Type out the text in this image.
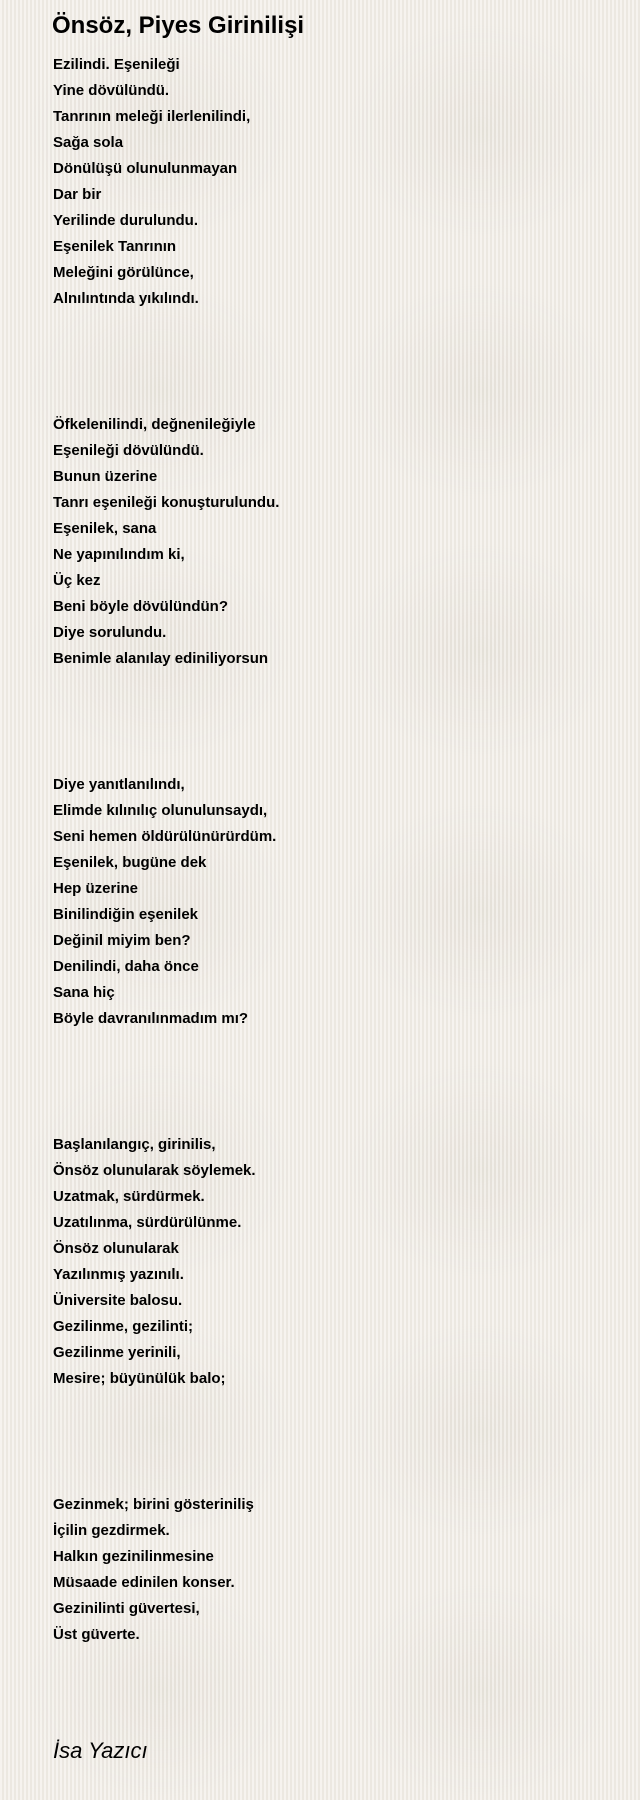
Önsöz, Piyes Girinilişi
Ezilindi. Eşenileği
Yine dövülündü.
Tanrının meleği ilerlenilindi,
Sağa sola
Dönülüşü olunulunmayan
Dar bir
Yerilinde durulundu.
Eşenilek Tanrının
Meleğini görülünce,
Alnılıntında yıkılındı.
Öfkelenilindi, değnenileğiyle
Eşenileği dövülündü.
Bunun üzerine
Tanrı eşenileği konuşturulundu.
Eşenilek, sana
Ne yapınılındım ki,
Üç kez
Beni böyle dövülündün?
Diye sorulundu.
Benimle alanılay ediniliyorsun
Diye yanıtlanılındı,
Elimde kılınılıç olunulunsaydı,
Seni hemen öldürülünürürdüm.
Eşenilek, bugüne dek
Hep üzerine
Binilindiğin eşenilek
Değinil miyim ben?
Denilindi, daha önce
Sana hiç
Böyle davranılınmadım mı?
Başlanılangıç, girinilis,
Önsöz olunularak söylemek.
Uzatmak, sürdürmek.
Uzatılınma, sürdürülünme.
Önsöz olunularak
Yazılınmış yazınılı.
Üniversite balosu.
Gezilinme, gezilinti;
Gezilinme yerinili,
Mesire; büyünülük balo;
Gezinmek; birini gösteriniliş
İçilin gezdirmek.
Halkın gezinilinmesine
Müsaade edinilen konser.
Gezinilinti güvertesi,
Üst güverte.
İsa Yazıcı
